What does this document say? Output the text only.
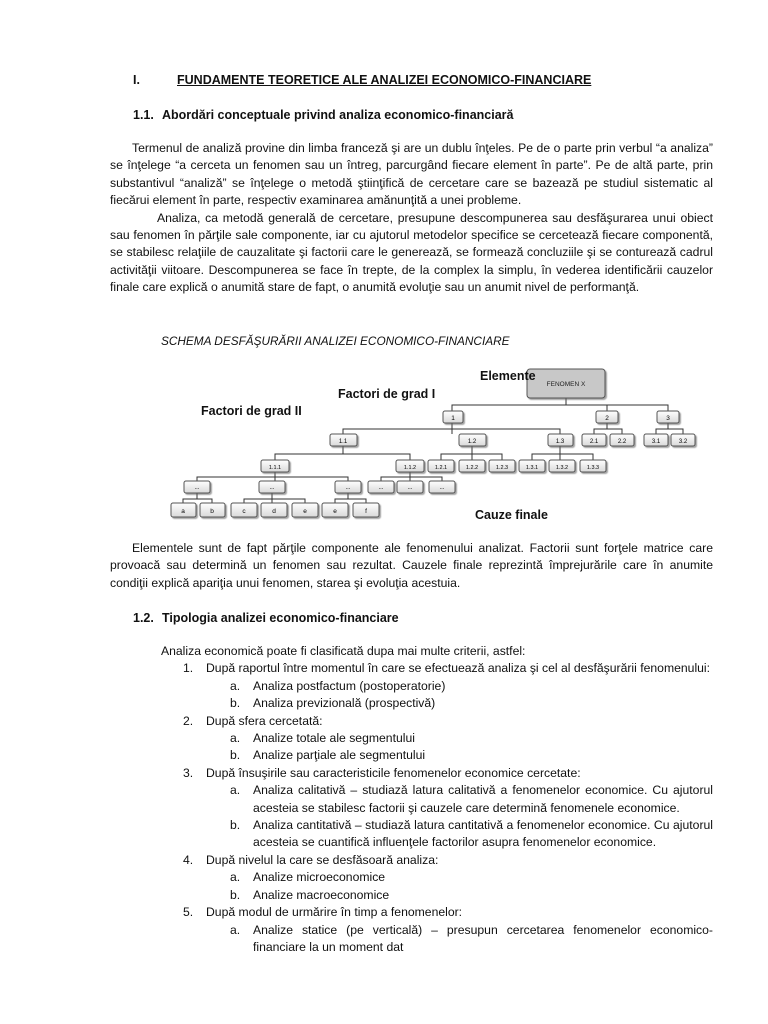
I.	FUNDAMENTE TEORETICE ALE ANALIZEI ECONOMICO-FINANCIARE
1.1. Abordări conceptuale privind analiza economico-financiară

Termenul de analiză provine din limba franceză şi are un dublu înţeles. Pe de o parte prin verbul “a analiza” se înţelege “a cerceta un fenomen sau un întreg, parcurgând fiecare element în parte”. Pe de altă parte, prin substantivul “analiză” se înţelege o metodă ştiinţifică de cercetare care se bazează pe studiul sistematic al fiecărui element în parte, respectiv examinarea amănunţită a unei probleme.

Analiza, ca metodă generală de cercetare, presupune descompunerea sau desfăşurarea unui obiect sau fenomen în părţile sale componente, iar cu ajutorul metodelor specifice se cercetează fiecare componentă, se stabilesc relaţiile de cauzalitate şi factorii care le generează, se formează concluziile şi se conturează cadrul activităţii viitoare. Descompunerea se face în trepte, de la complex la simplu, în vederea identificării cauzelor finale care explică o anumită stare de fapt, o anumită evoluţie sau un anumit nivel de performanţă.

SCHEMA DESFĂŞURĂRII ANALIZEI ECONOMICO-FINANCIARE
FENOMEN X
1	2	3
1.1	1.2	1.3	2.1	2.2	3.1	3.2
1.1.1	1.1.2	1.2.1	1.2.2	1.2.3	1.3.1	1.3.2	1.3.3
...	...	...	...	...	...
a	b	c	d	e	e	f
Elemente
Factori de grad I
Factori de grad II
Cauze finale

Elementele sunt de fapt părţile componente ale fenomenului analizat. Factorii sunt forţele matrice care provoacă sau determină un fenomen sau rezultat. Cauzele finale reprezintă împrejurările care în anumite condiţii explică apariţia unui fenomen, starea şi evoluţia acestuia.

1.2. Tipologia analizei economico-financiare
Analiza economică poate fi clasificată dupa mai multe criterii, astfel:
1.	După raportul între momentul în care se efectuează analiza şi cel al desfăşurării fenomenului:
a.	Analiza postfactum (postoperatorie)
b.	Analiza previzională (prospectivă)
2.	După sfera cercetată:
a.	Analize totale ale segmentului
b.	Analize parţiale ale segmentului
3.	După însuşirile sau caracteristicile fenomenelor economice cercetate:
a.	Analiza calitativă – studiază latura calitativă a fenomenelor economice. Cu ajutorul acesteia se stabilesc factorii şi cauzele care determină fenomenele economice.
b.	Analiza cantitativă – studiază latura cantitativă a fenomenelor economice. Cu ajutorul acesteia se cuantifică influenţele factorilor asupra fenomenelor economice.
4.	După nivelul la care se desfăsoară analiza:
a.	Analize microeconomice
b.	Analize macroeconomice
5.	După modul de urmărire în timp a fenomenelor:
a.	Analize statice (pe verticală) – presupun cercetarea fenomenelor economico-financiare la un moment dat
